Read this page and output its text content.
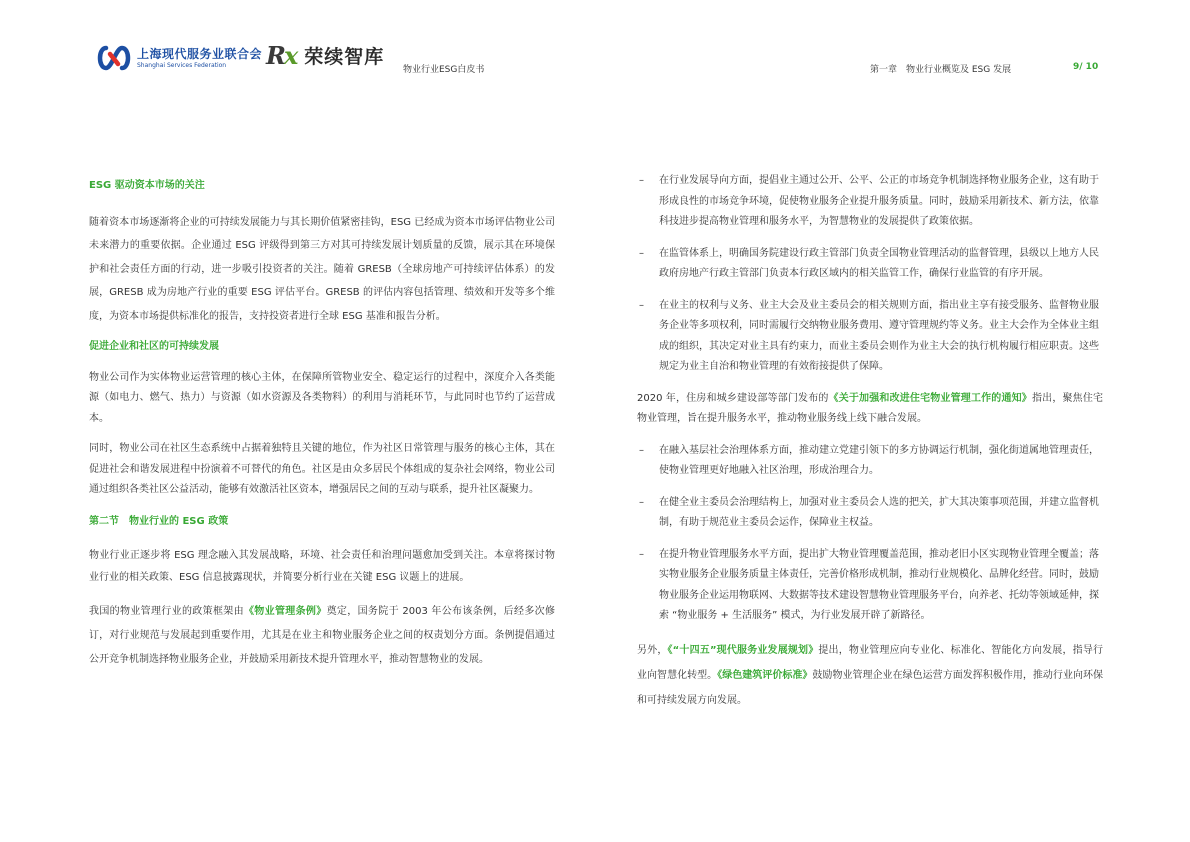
上海现代服务业联合会
Shanghai Services Federation	Rx 荣续智库
物业行业ESG白皮书	第一章　物业行业概览及 ESG 发展	9/ 10

ESG 驱动资本市场的关注

随着资本市场逐渐将企业的可持续发展能力与其长期价值紧密挂钩，ESG 已经成为资本市场评估物业公司未来潜力的重要依据。企业通过 ESG 评级得到第三方对其可持续发展计划质量的反馈，展示其在环境保护和社会责任方面的行动，进一步吸引投资者的关注。随着 GRESB（全球房地产可持续评估体系）的发展，GRESB 成为房地产行业的重要 ESG 评估平台。GRESB 的评估内容包括管理、绩效和开发等多个维度，为资本市场提供标准化的报告，支持投资者进行全球 ESG 基准和报告分析。

促进企业和社区的可持续发展

物业公司作为实体物业运营管理的核心主体，在保障所管物业安全、稳定运行的过程中，深度介入各类能源（如电力、燃气、热力）与资源（如水资源及各类物料）的利用与消耗环节，与此同时也节约了运营成本。

同时，物业公司在社区生态系统中占据着独特且关键的地位，作为社区日常管理与服务的核心主体，其在促进社会和谐发展进程中扮演着不可替代的角色。社区是由众多居民个体组成的复杂社会网络，物业公司通过组织各类社区公益活动，能够有效激活社区资本，增强居民之间的互动与联系，提升社区凝聚力。

第二节　物业行业的 ESG 政策

物业行业正逐步将 ESG 理念融入其发展战略，环境、社会责任和治理问题愈加受到关注。本章将探讨物业行业的相关政策、ESG 信息披露现状，并简要分析行业在关键 ESG 议题上的进展。

我国的物业管理行业的政策框架由《物业管理条例》奠定，国务院于 2003 年公布该条例，后经多次修订，对行业规范与发展起到重要作用，尤其是在业主和物业服务企业之间的权责划分方面。条例提倡通过公开竞争机制选择物业服务企业，并鼓励采用新技术提升管理水平，推动智慧物业的发展。

– 在行业发展导向方面，提倡业主通过公开、公平、公正的市场竞争机制选择物业服务企业，这有助于形成良性的市场竞争环境，促使物业服务企业提升服务质量。同时，鼓励采用新技术、新方法，依靠科技进步提高物业管理和服务水平，为智慧物业的发展提供了政策依据。
– 在监管体系上，明确国务院建设行政主管部门负责全国物业管理活动的监督管理，县级以上地方人民政府房地产行政主管部门负责本行政区域内的相关监管工作，确保行业监管的有序开展。
– 在业主的权利与义务、业主大会及业主委员会的相关规则方面，指出业主享有接受服务、监督物业服务企业等多项权利，同时需履行交纳物业服务费用、遵守管理规约等义务。业主大会作为全体业主组成的组织，其决定对业主具有约束力，而业主委员会则作为业主大会的执行机构履行相应职责。这些规定为业主自治和物业管理的有效衔接提供了保障。

2020 年，住房和城乡建设部等部门发布的《关于加强和改进住宅物业管理工作的通知》指出，聚焦住宅物业管理，旨在提升服务水平，推动物业服务线上线下融合发展。

– 在融入基层社会治理体系方面，推动建立党建引领下的多方协调运行机制，强化街道属地管理责任，使物业管理更好地融入社区治理，形成治理合力。
– 在健全业主委员会治理结构上，加强对业主委员会人选的把关，扩大其决策事项范围，并建立监督机制，有助于规范业主委员会运作，保障业主权益。
– 在提升物业管理服务水平方面，提出扩大物业管理覆盖范围，推动老旧小区实现物业管理全覆盖；落实物业服务企业服务质量主体责任，完善价格形成机制，推动行业规模化、品牌化经营。同时，鼓励物业服务企业运用物联网、大数据等技术建设智慧物业管理服务平台，向养老、托幼等领域延伸，探索 “物业服务 + 生活服务” 模式，为行业发展开辟了新路径。

另外，《“十四五”现代服务业发展规划》提出，物业管理应向专业化、标准化、智能化方向发展，指导行业向智慧化转型。《绿色建筑评价标准》鼓励物业管理企业在绿色运营方面发挥积极作用，推动行业向环保和可持续发展方向发展。
